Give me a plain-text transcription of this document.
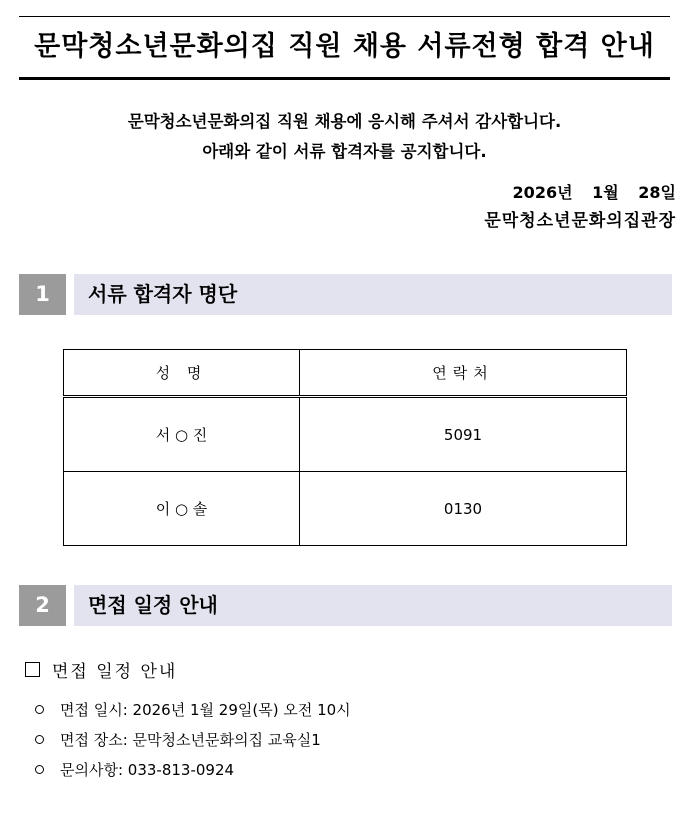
문막청소년문화의집 직원 채용 서류전형 합격 안내
문막청소년문화의집 직원 채용에 응시해 주셔서 감사합니다.
아래와 같이 서류 합격자를 공지합니다.
2026년 1월 28일
문막청소년문화의집관장
1	서류 합격자 명단
성 명	연락처
서 ○ 진	5091
이 ○ 솔	0130
2	면접 일정 안내
면접 일정 안내
면접 일시: 2026년 1월 29일(목) 오전 10시
면접 장소: 문막청소년문화의집 교육실1
문의사항: 033-813-0924
